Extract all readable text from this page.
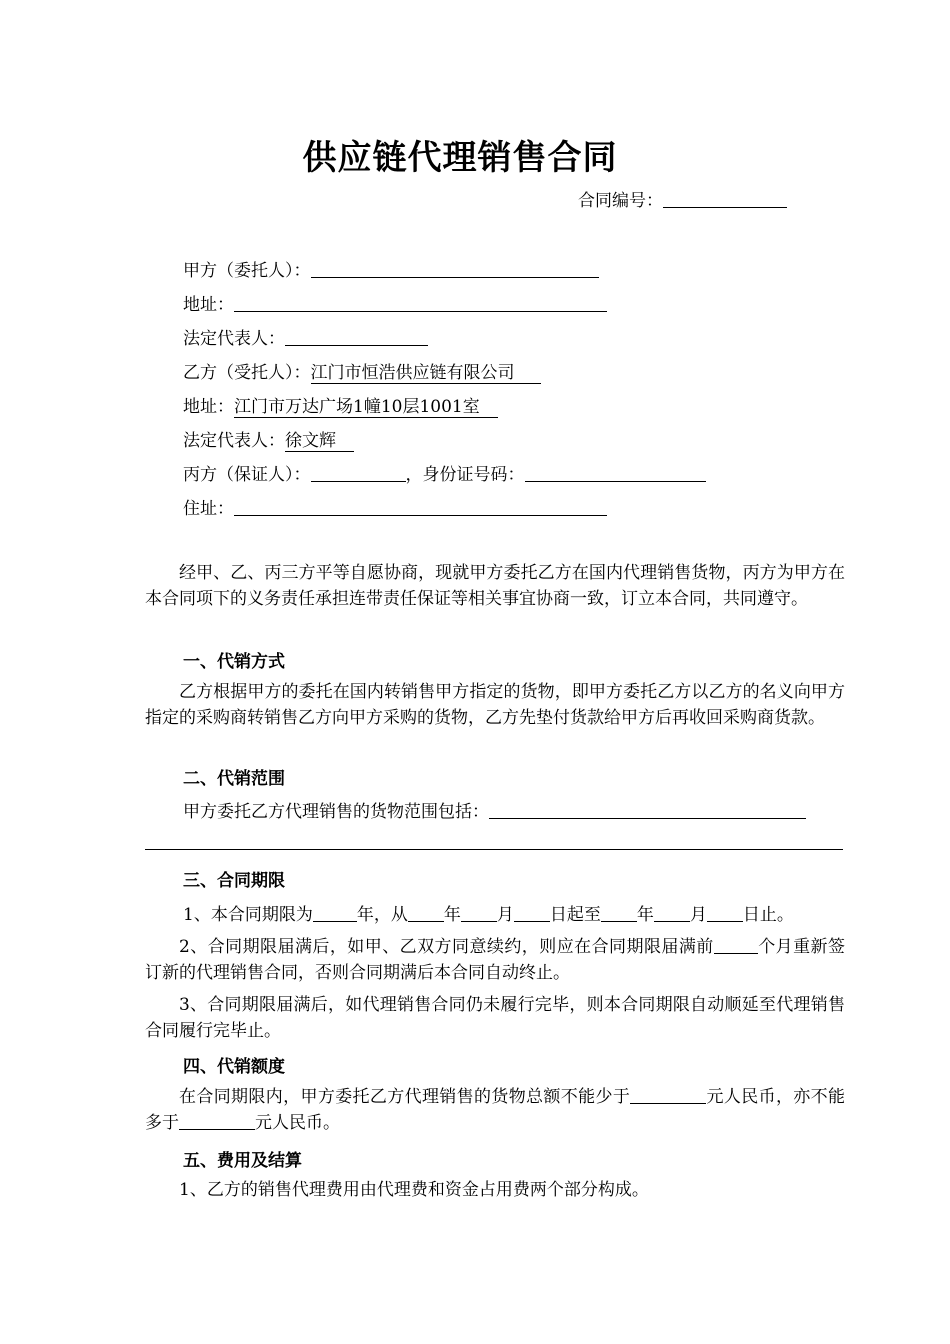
供应链代理销售合同
合同编号：
甲方（委托人）：
地址：
法定代表人：
乙方（受托人）：江门市恒浩供应链有限公司
地址：江门市万达广场1幢10层1001室
法定代表人：徐文辉
丙方（保证人）：	，身份证号码：
住址：

经甲、乙、丙三方平等自愿协商，现就甲方委托乙方在国内代理销售货物，丙方为甲方在本合同项下的义务责任承担连带责任保证等相关事宜协商一致，订立本合同，共同遵守。

一、代销方式

乙方根据甲方的委托在国内转销售甲方指定的货物，即甲方委托乙方以乙方的名义向甲方指定的采购商转销售乙方向甲方采购的货物，乙方先垫付货款给甲方后再收回采购商货款。

二、代销范围
甲方委托乙方代理销售的货物范围包括：
三、合同期限
1、本合同期限为	年，从 年 月 日起至 年 月 日止。

2、合同期限届满后，如甲、乙双方同意续约，则应在合同期限届满前	个月重新签订新的代理销售合同，否则合同期满后本合同自动终止。

3、合同期限届满后，如代理销售合同仍未履行完毕，则本合同期限自动顺延至代理销售合同履行完毕止。

四、代销额度

在合同期限内，甲方委托乙方代理销售的货物总额不能少于	元人民币，亦不能多于	元人民币。

五、费用及结算

1、乙方的销售代理费用由代理费和资金占用费两个部分构成。
